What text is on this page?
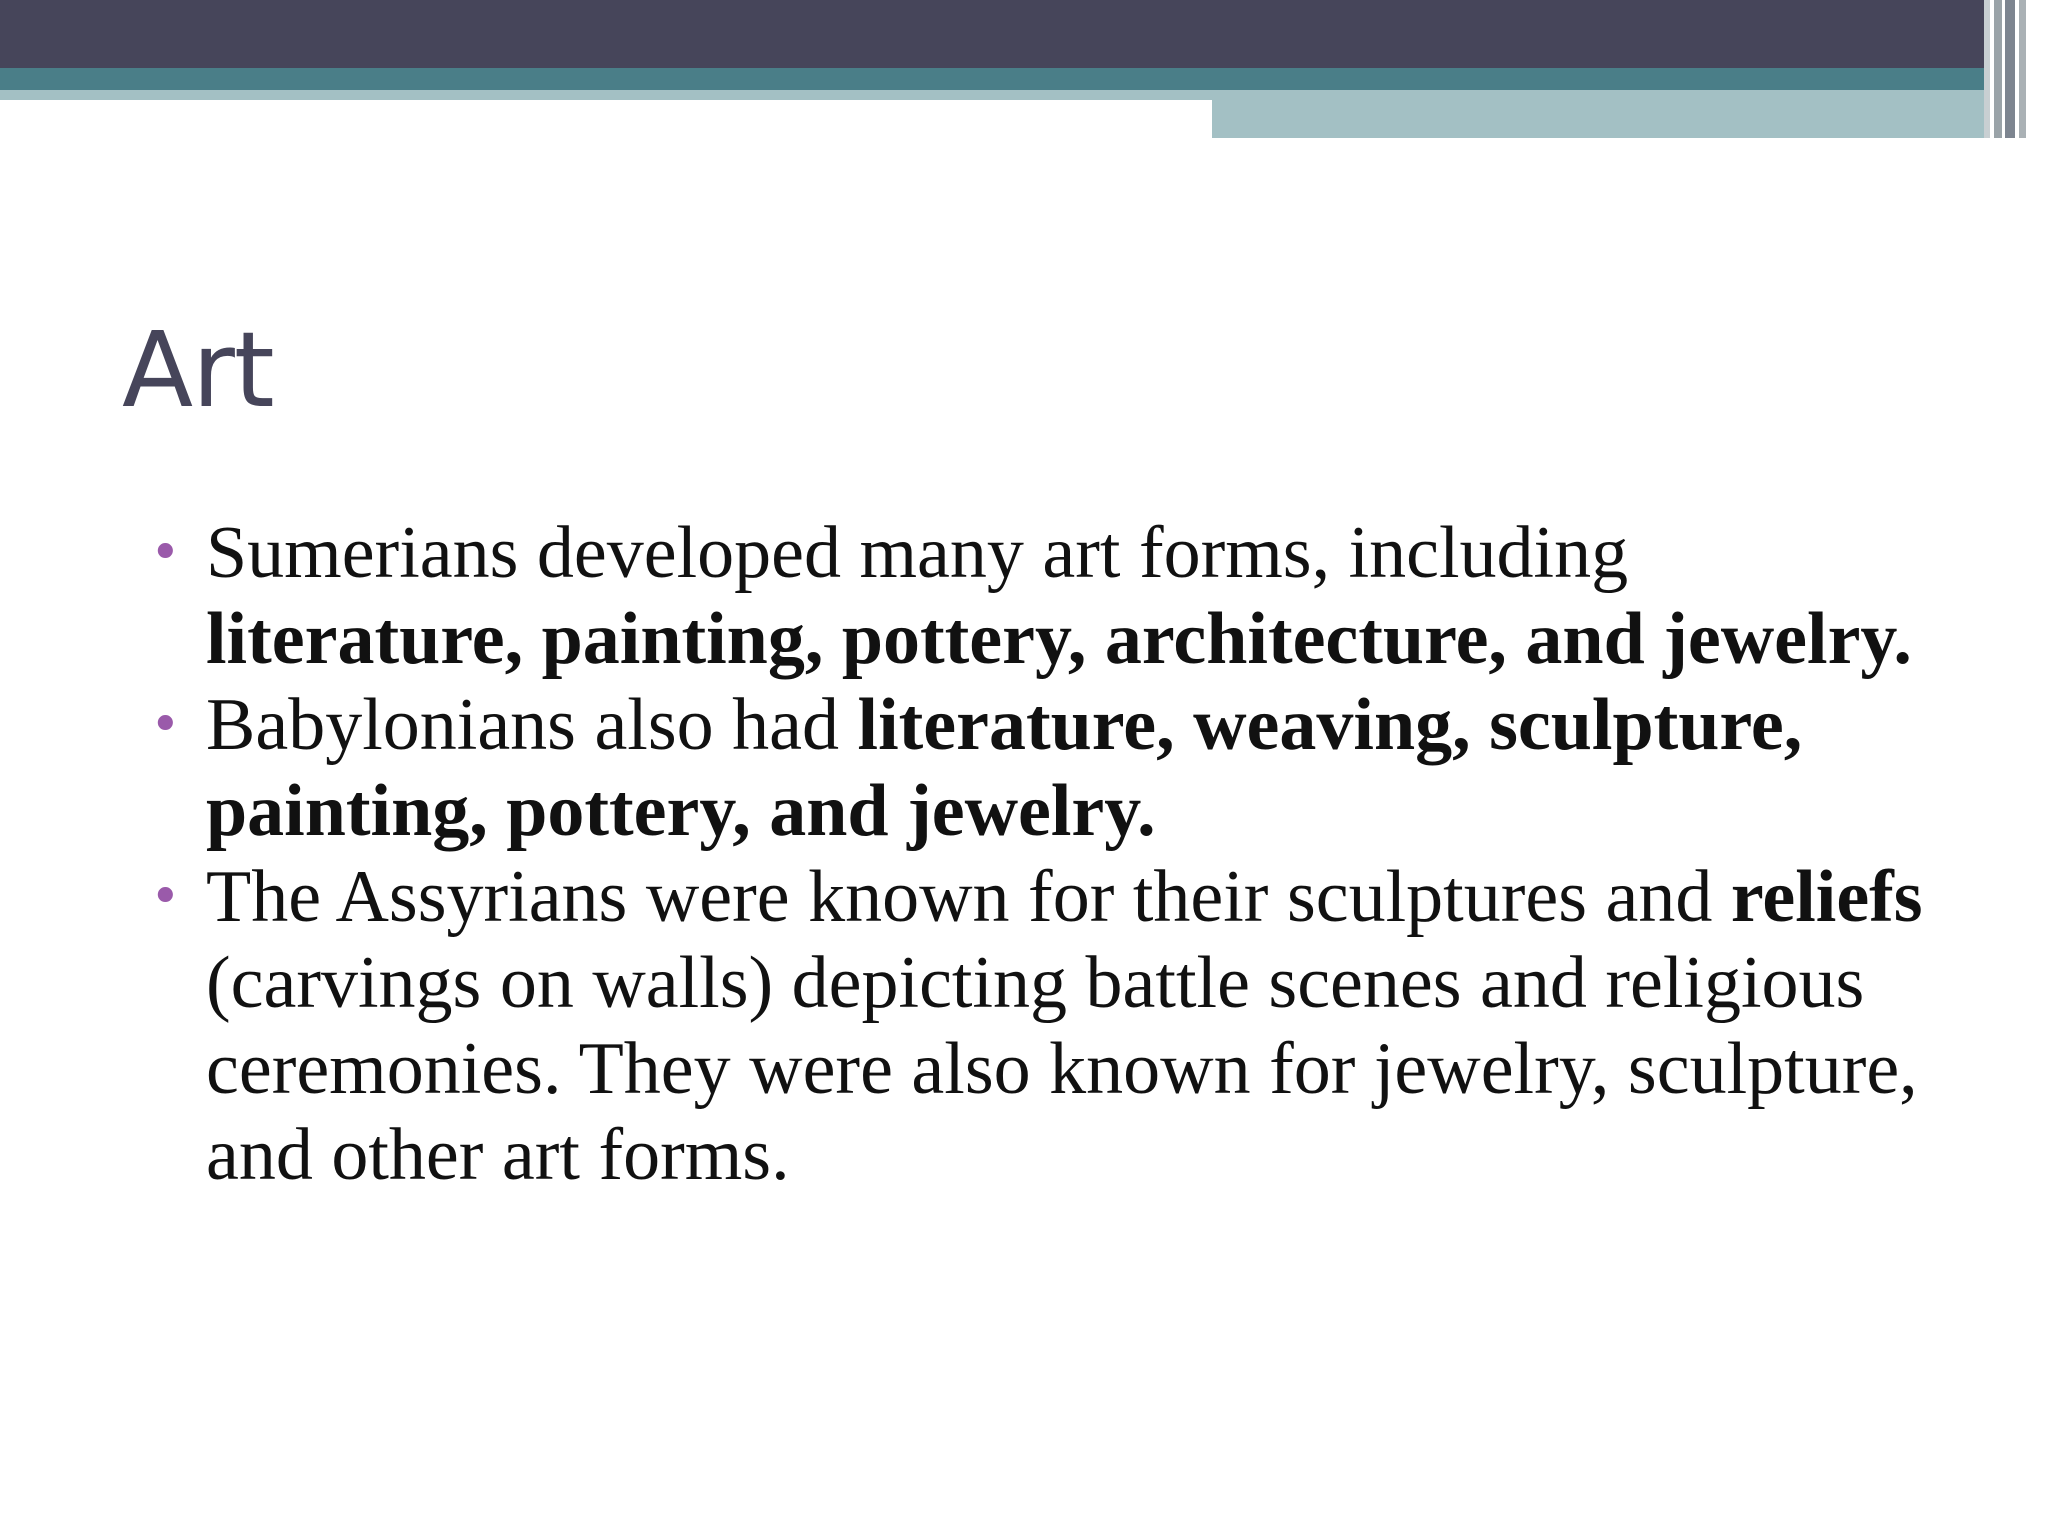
Art
• Sumerians developed many art forms, including literature, painting, pottery, architecture, and jewelry.
• Babylonians also had literature, weaving, sculpture, painting, pottery, and jewelry.
• The Assyrians were known for their sculptures and reliefs (carvings on walls) depicting battle scenes and religious ceremonies. They were also known for jewelry, sculpture, and other art forms.
